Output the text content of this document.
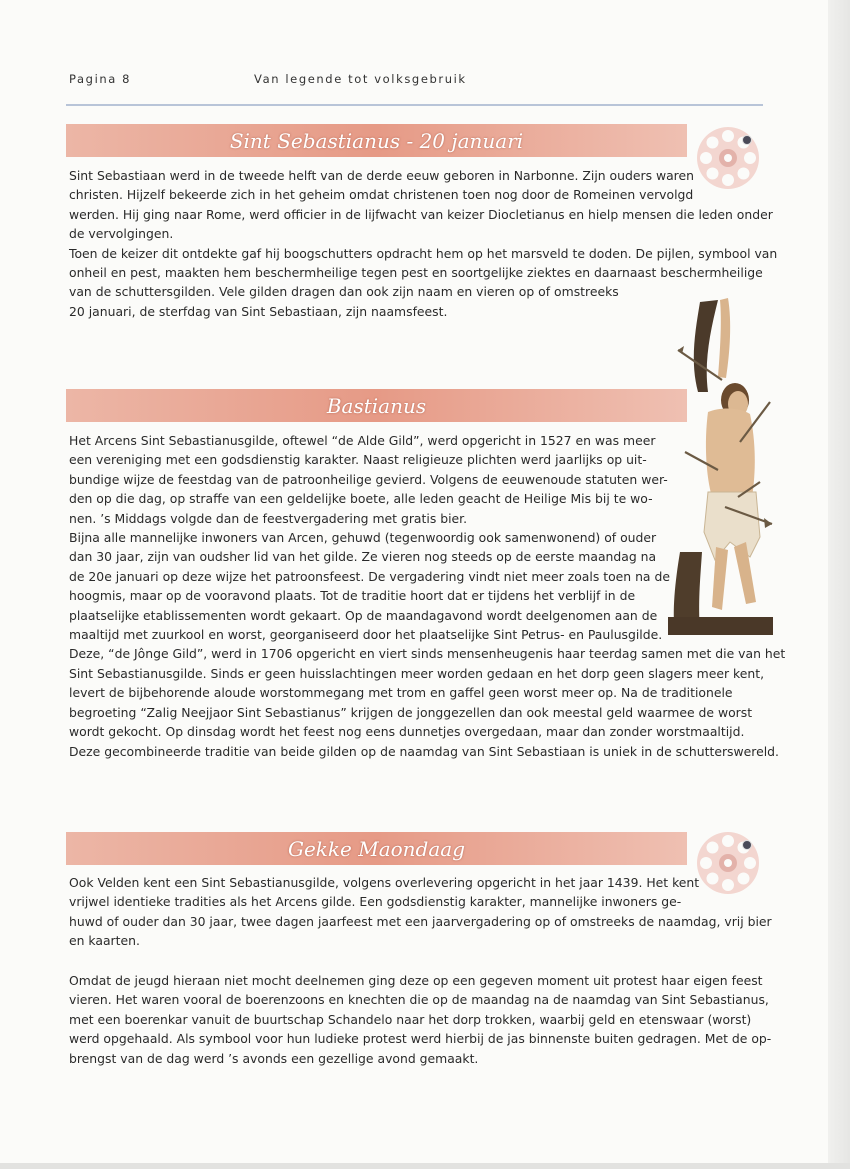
Pagina 8	Van legende tot volksgebruik
Sint Sebastianus - 20 januari

Sint Sebastiaan werd in de tweede helft van de derde eeuw geboren in Narbonne. Zijn ouders waren
christen. Hijzelf bekeerde zich in het geheim omdat christenen toen nog door de Romeinen vervolgd
werden. Hij ging naar Rome, werd officier in de lijfwacht van keizer Diocletianus en hielp mensen die leden onder
de vervolgingen.
Toen de keizer dit ontdekte gaf hij boogschutters opdracht hem op het marsveld te doden. De pijlen, symbool van
onheil en pest, maakten hem beschermheilige tegen pest en soortgelijke ziektes en daarnaast beschermheilige
van de schuttersgilden. Vele gilden dragen dan ook zijn naam en vieren op of omstreeks
20 januari, de sterfdag van Sint Sebastiaan, zijn naamsfeest.

Bastianus

Het Arcens Sint Sebastianusgilde, oftewel “de Alde Gild”, werd opgericht in 1527 en was meer
een vereniging met een godsdienstig karakter. Naast religieuze plichten werd jaarlijks op uit-
bundige wijze de feestdag van de patroonheilige gevierd. Volgens de eeuwenoude statuten wer-
den op die dag, op straffe van een geldelijke boete, alle leden geacht de Heilige Mis bij te wo-
nen. ’s Middags volgde dan de feestvergadering met gratis bier.
Bijna alle mannelijke inwoners van Arcen, gehuwd (tegenwoordig ook samenwonend) of ouder
dan 30 jaar, zijn van oudsher lid van het gilde. Ze vieren nog steeds op de eerste maandag na
de 20e januari op deze wijze het patroonsfeest. De vergadering vindt niet meer zoals toen na de
hoogmis, maar op de vooravond plaats. Tot de traditie hoort dat er tijdens het verblijf in de
plaatselijke etablissementen wordt gekaart. Op de maandagavond wordt deelgenomen aan de
maaltijd met zuurkool en worst, georganiseerd door het plaatselijke Sint Petrus- en Paulusgilde.
Deze, “de Jônge Gild”, werd in 1706 opgericht en viert sinds mensenheugenis haar teerdag samen met die van het
Sint Sebastianusgilde. Sinds er geen huisslachtingen meer worden gedaan en het dorp geen slagers meer kent,
levert de bijbehorende aloude worstommegang met trom en gaffel geen worst meer op. Na de traditionele
begroeting “Zalig Neejjaor Sint Sebastianus” krijgen de jonggezellen dan ook meestal geld waarmee de worst
wordt gekocht. Op dinsdag wordt het feest nog eens dunnetjes overgedaan, maar dan zonder worstmaaltijd.
Deze gecombineerde traditie van beide gilden op de naamdag van Sint Sebastiaan is uniek in de schutterswereld.

Gekke Maondaag

Ook Velden kent een Sint Sebastianusgilde, volgens overlevering opgericht in het jaar 1439. Het kent
vrijwel identieke tradities als het Arcens gilde. Een godsdienstig karakter, mannelijke inwoners ge-
huwd of ouder dan 30 jaar, twee dagen jaarfeest met een jaarvergadering op of omstreeks de naamdag, vrij bier
en kaarten.

Omdat de jeugd hieraan niet mocht deelnemen ging deze op een gegeven moment uit protest haar eigen feest
vieren. Het waren vooral de boerenzoons en knechten die op de maandag na de naamdag van Sint Sebastianus,
met een boerenkar vanuit de buurtschap Schandelo naar het dorp trokken, waarbij geld en etenswaar (worst)
werd opgehaald. Als symbool voor hun ludieke protest werd hierbij de jas binnenste buiten gedragen. Met de op-
brengst van de dag werd ’s avonds een gezellige avond gemaakt.
